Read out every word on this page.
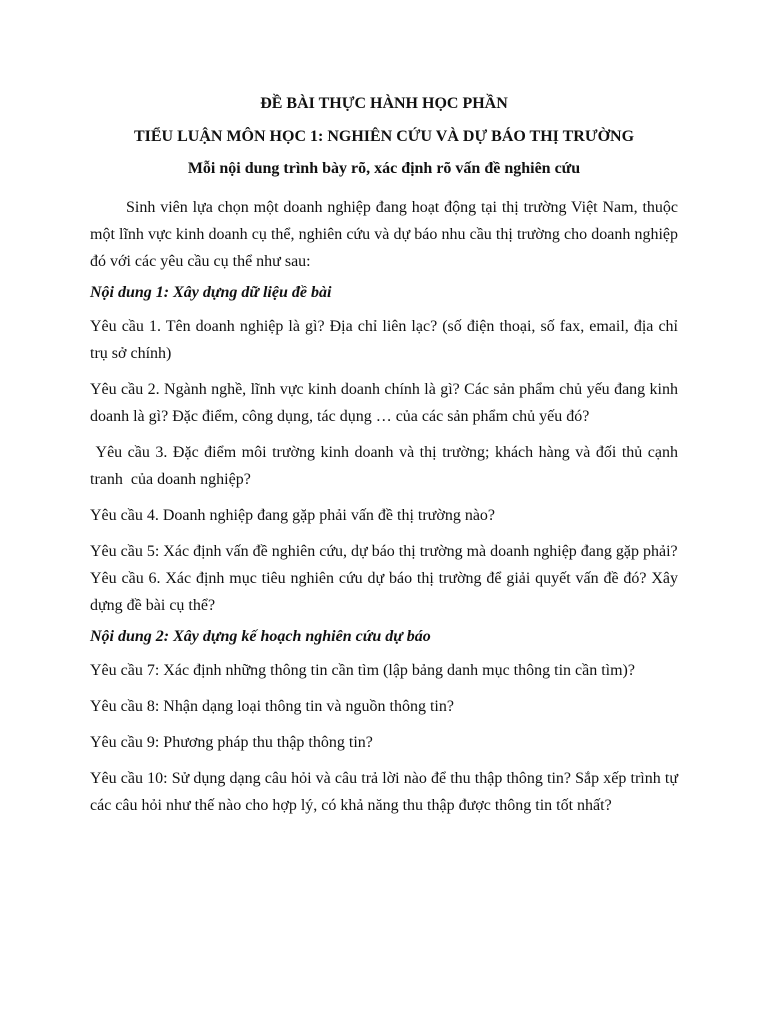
ĐỀ BÀI THỰC HÀNH HỌC PHẦN

TIỂU LUẬN MÔN HỌC 1: NGHIÊN CỨU VÀ DỰ BÁO THỊ TRƯỜNG

Mỗi nội dung trình bày rõ, xác định rõ vấn đề nghiên cứu

Sinh viên lựa chọn một doanh nghiệp đang hoạt động tại thị trường Việt Nam, thuộc một lĩnh vực kinh doanh cụ thể, nghiên cứu và dự báo nhu cầu thị trường cho doanh nghiệp đó với các yêu cầu cụ thể như sau:

Nội dung 1: Xây dựng dữ liệu đề bài

Yêu cầu 1. Tên doanh nghiệp là gì? Địa chỉ liên lạc? (số điện thoại, số fax, email, địa chỉ trụ sở chính)

Yêu cầu 2. Ngành nghề, lĩnh vực kinh doanh chính là gì? Các sản phẩm chủ yếu đang kinh doanh là gì? Đặc điểm, công dụng, tác dụng … của các sản phẩm chủ yếu đó?

Yêu cầu 3. Đặc điểm môi trường kinh doanh và thị trường; khách hàng và đối thủ cạnh tranh  của doanh nghiệp?

Yêu cầu 4. Doanh nghiệp đang gặp phải vấn đề thị trường nào?

Yêu cầu 5: Xác định vấn đề nghiên cứu, dự báo thị trường mà doanh nghiệp đang gặp phải?

Yêu cầu 6. Xác định mục tiêu nghiên cứu dự báo thị trường để giải quyết vấn đề đó? Xây dựng đề bài cụ thể?

Nội dung 2: Xây dựng kế hoạch nghiên cứu dự báo

Yêu cầu 7: Xác định những thông tin cần tìm (lập bảng danh mục thông tin cần tìm)?

Yêu cầu 8: Nhận dạng loại thông tin và nguồn thông tin?

Yêu cầu 9: Phương pháp thu thập thông tin?

Yêu cầu 10: Sử dụng dạng câu hỏi và câu trả lời nào để thu thập thông tin? Sắp xếp trình tự các câu hỏi như thế nào cho hợp lý, có khả năng thu thập được thông tin tốt nhất?
